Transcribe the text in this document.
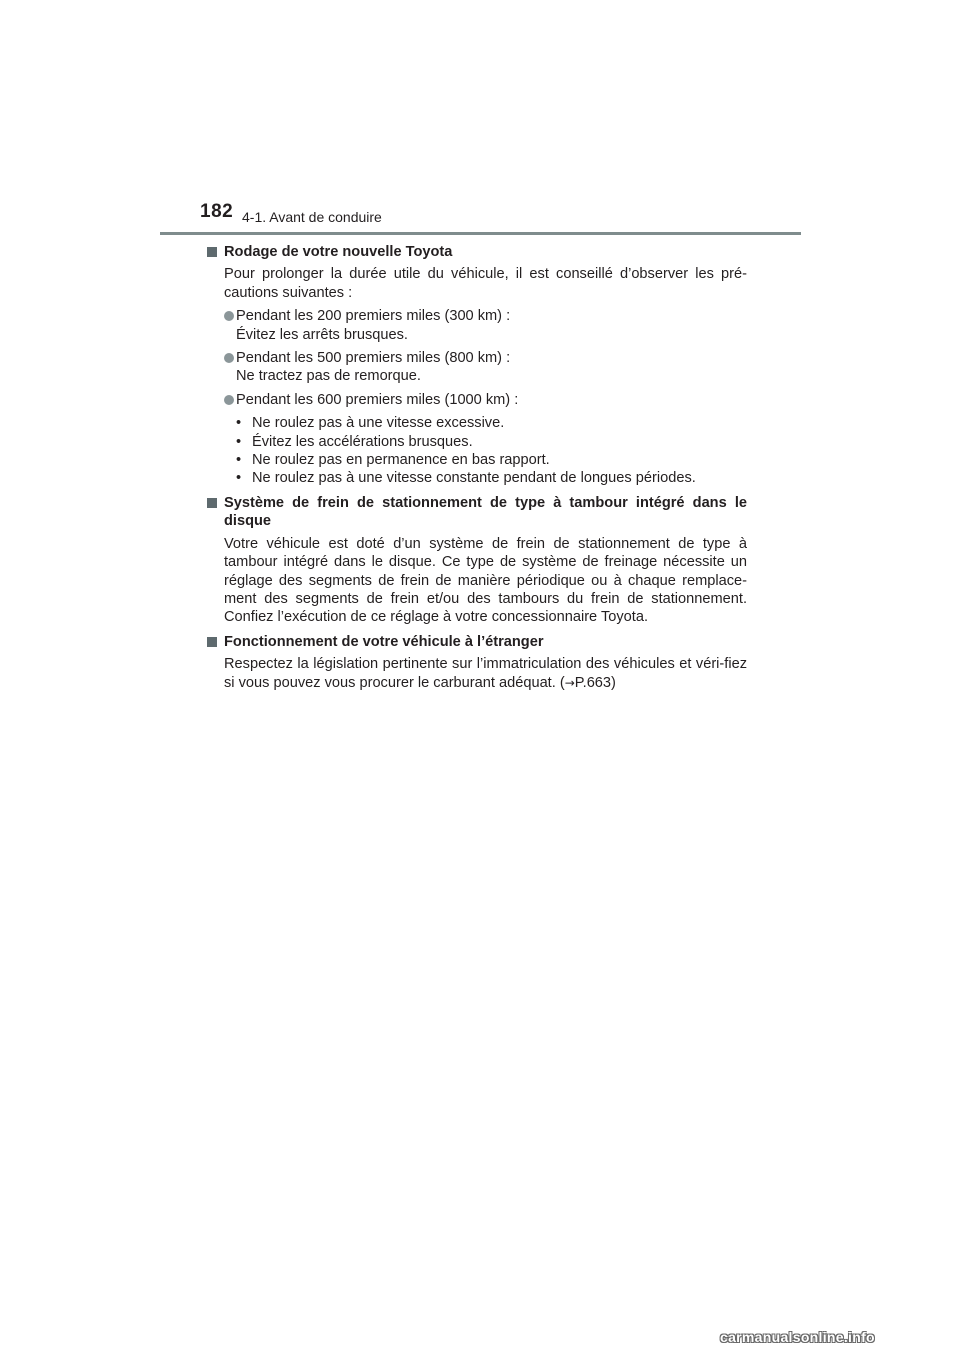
182 4-1. Avant de conduire
Rodage de votre nouvelle Toyota
Pour prolonger la durée utile du véhicule, il est conseillé d’observer les pré-cautions suivantes :
Pendant les 200 premiers miles (300 km) :
Évitez les arrêts brusques.
Pendant les 500 premiers miles (800 km) :
Ne tractez pas de remorque.
Pendant les 600 premiers miles (1000 km) :
• Ne roulez pas à une vitesse excessive.
• Évitez les accélérations brusques.
• Ne roulez pas en permanence en bas rapport.
• Ne roulez pas à une vitesse constante pendant de longues périodes.
Système de frein de stationnement de type à tambour intégré dans le disque
Votre véhicule est doté d’un système de frein de stationnement de type à tambour intégré dans le disque. Ce type de système de freinage nécessite un réglage des segments de frein de manière périodique ou à chaque remplace-ment des segments de frein et/ou des tambours du frein de stationnement. Confiez l’exécution de ce réglage à votre concessionnaire Toyota.
Fonctionnement de votre véhicule à l’étranger
Respectez la législation pertinente sur l’immatriculation des véhicules et véri-fiez si vous pouvez vous procurer le carburant adéquat. (→P.663)
carmanualsonline.info
